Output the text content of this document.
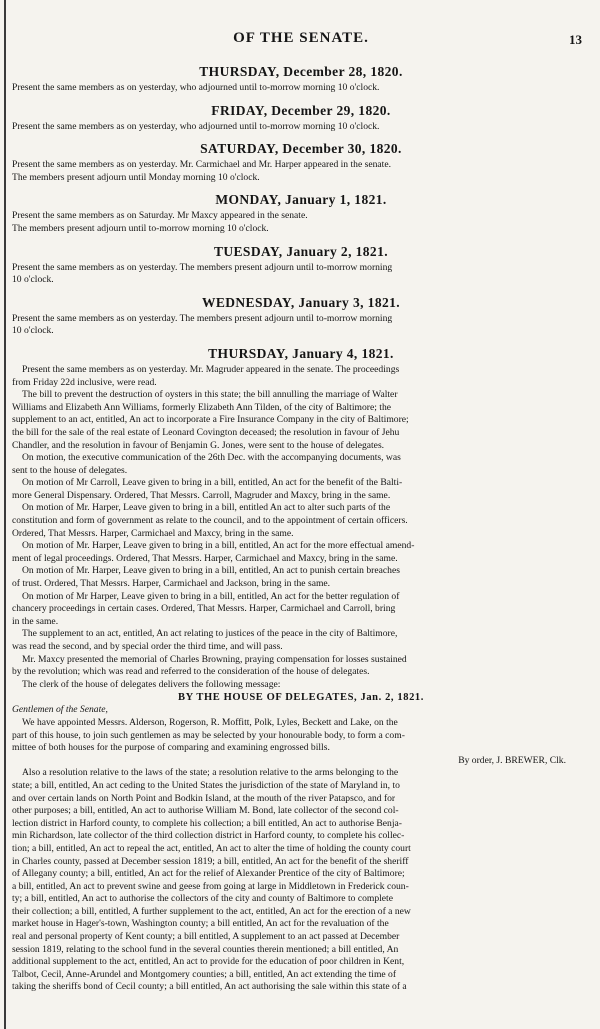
OF THE SENATE.	13
THURSDAY, December 28, 1820.
Present the same members as on yesterday, who adjourned until to-morrow morning 10 o'clock.
FRIDAY, December 29, 1820.
Present the same members as on yesterday, who adjourned until to-morrow morning 10 o'clock.
SATURDAY, December 30, 1820.
Present the same members as on yesterday. Mr. Carmichael and Mr. Harper appeared in the senate.
The members present adjourn until Monday morning 10 o'clock.
MONDAY, January 1, 1821.
Present the same members as on Saturday. Mr Maxcy appeared in the senate.
The members present adjourn until to-morrow morning 10 o'clock.
TUESDAY, January 2, 1821.
Present the same members as on yesterday. The members present adjourn until to-morrow morning
10 o'clock.
WEDNESDAY, January 3, 1821.
Present the same members as on yesterday. The members present adjourn until to-morrow morning
10 o'clock.
THURSDAY, January 4, 1821.
Present the same members as on yesterday. Mr. Magruder appeared in the senate. The proceedings
from Friday 22d inclusive, were read.
The bill to prevent the destruction of oysters in this state; the bill annulling the marriage of Walter
Williams and Elizabeth Ann Williams, formerly Elizabeth Ann Tilden, of the city of Baltimore; the
supplement to an act, entitled, An act to incorporate a Fire Insurance Company in the city of Baltimore;
the bill for the sale of the real estate of Leonard Covington deceased; the resolution in favour of Jehu
Chandler, and the resolution in favour of Benjamin G. Jones, were sent to the house of delegates.
On motion, the executive communication of the 26th Dec. with the accompanying documents, was
sent to the house of delegates.
On motion of Mr Carroll, Leave given to bring in a bill, entitled, An act for the benefit of the Balti-
more General Dispensary. Ordered, That Messrs. Carroll, Magruder and Maxcy, bring in the same.
On motion of Mr. Harper, Leave given to bring in a bill, entitled An act to alter such parts of the
constitution and form of government as relate to the council, and to the appointment of certain officers.
Ordered, That Messrs. Harper, Carmichael and Maxcy, bring in the same.
On motion of Mr. Harper, Leave given to bring in a bill, entitled, An act for the more effectual amend-
ment of legal proceedings. Ordered, That Messrs. Harper, Carmichael and Maxcy, bring in the same.
On motion of Mr. Harper, Leave given to bring in a bill, entitled, An act to punish certain breaches
of trust. Ordered, That Messrs. Harper, Carmichael and Jackson, bring in the same.
On motion of Mr Harper, Leave given to bring in a bill, entitled, An act for the better regulation of
chancery proceedings in certain cases. Ordered, That Messrs. Harper, Carmichael and Carroll, bring
in the same.
The supplement to an act, entitled, An act relating to justices of the peace in the city of Baltimore,
was read the second, and by special order the third time, and will pass.
Mr. Maxcy presented the memorial of Charles Browning, praying compensation for losses sustained
by the revolution; which was read and referred to the consideration of the house of delegates.
The clerk of the house of delegates delivers the following message:
BY THE HOUSE OF DELEGATES, Jan. 2, 1821.
Gentlemen of the Senate,
We have appointed Messrs. Alderson, Rogerson, R. Moffitt, Polk, Lyles, Beckett and Lake, on the
part of this house, to join such gentlemen as may be selected by your honourable body, to form a com-
mittee of both houses for the purpose of comparing and examining engrossed bills.
By order, J. BREWER, Clk.
Also a resolution relative to the laws of the state; a resolution relative to the arms belonging to the
state; a bill, entitled, An act ceding to the United States the jurisdiction of the state of Maryland in, to
and over certain lands on North Point and Bodkin Island, at the mouth of the river Patapsco, and for
other purposes; a bill, entitled, An act to authorise William M. Bond, late collector of the second col-
lection district in Harford county, to complete his collection; a bill entitled, An act to authorise Benja-
min Richardson, late collector of the third collection district in Harford county, to complete his collec-
tion; a bill, entitled, An act to repeal the act, entitled, An act to alter the time of holding the county court
in Charles county, passed at December session 1819; a bill, entitled, An act for the benefit of the sheriff
of Allegany county; a bill, entitled, An act for the relief of Alexander Prentice of the city of Baltimore;
a bill, entitled, An act to prevent swine and geese from going at large in Middletown in Frederick coun-
ty; a bill, entitled, An act to authorise the collectors of the city and county of Baltimore to complete
their collection; a bill, entitled, A further supplement to the act, entitled, An act for the erection of a new
market house in Hager's-town, Washington county; a bill entitled, An act for the revaluation of the
real and personal property of Kent county; a bill entitled, A supplement to an act passed at December
session 1819, relating to the school fund in the several counties therein mentioned; a bill entitled, An
additional supplement to the act, entitled, An act to provide for the education of poor children in Kent,
Talbot, Cecil, Anne-Arundel and Montgomery counties; a bill, entitled, An act extending the time of
taking the sheriffs bond of Cecil county; a bill entitled, An act authorising the sale within this state of a
